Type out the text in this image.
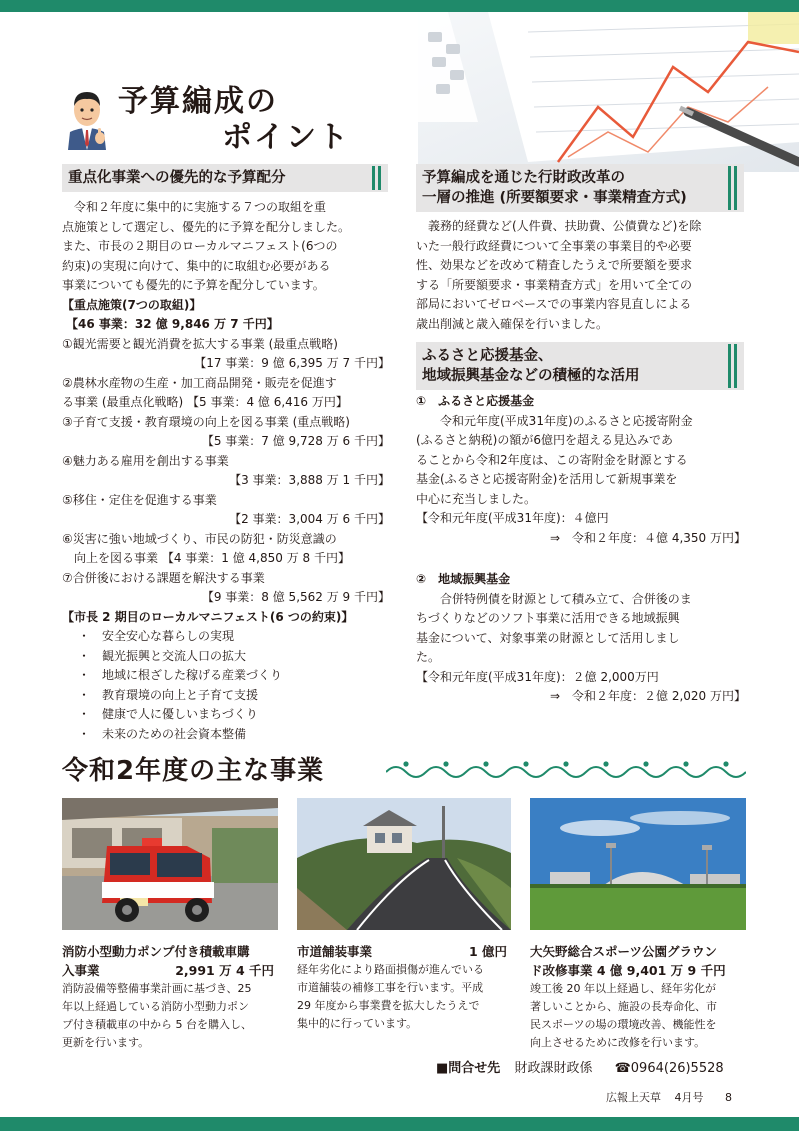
予算編成の
ポイント
重点化事業への優先的な予算配分

令和２年度に集中的に実施する７つの取組を重

点施策として選定し、優先的に予算を配分しました。

また、市長の２期目のローカルマニフェスト(6つの

約束)の実現に向けて、集中的に取組む必要がある

事業についても優先的に予算を配分しています。

【重点施策(7つの取組)】

【46 事業：32 億 9,846 万 7 千円】

①観光需要と観光消費を拡大する事業 (最重点戦略)

【17 事業：9 億 6,395 万 7 千円】

②農林水産物の生産・加工商品開発・販売を促進す

る事業 (最重点化戦略) 【5 事業：4 億 6,416 万円】

③子育て支援・教育環境の向上を図る事業 (重点戦略)

【5 事業：7 億 9,728 万 6 千円】

④魅力ある雇用を創出する事業

【3 事業：3,888 万 1 千円】

⑤移住・定住を促進する事業

【2 事業：3,004 万 6 千円】

⑥災害に強い地域づくり、市民の防犯・防災意識の

向上を図る事業 【4 事業：1 億 4,850 万 8 千円】

⑦合併後における課題を解決する事業

【9 事業：8 億 5,562 万 9 千円】

【市長 2 期目のローカルマニフェスト(6 つの約束)】

・ 安全安心な暮らしの実現
・ 観光振興と交流人口の拡大
・ 地域に根ざした稼げる産業づくり
・ 教育環境の向上と子育て支援
・ 健康で人に優しいまちづくり
・ 未来のための社会資本整備
予算編成を通じた行財政改革の
一層の推進 (所要額要求・事業精査方式)

義務的経費など(人件費、扶助費、公債費など)を除

いた一般行政経費について全事業の事業目的や必要

性、効果などを改めて精査したうえで所要額を要求

する「所要額要求・事業精査方式」を用いて全ての

部局においてゼロベースでの事業内容見直しによる

歳出削減と歳入確保を行いました。

ふるさと応援基金、
地域振興基金などの積極的な活用

①　ふるさと応援基金

令和元年度(平成31年度)のふるさと応援寄附金

(ふるさと納税)の額が6億円を超える見込みであ

ることから令和2年度は、この寄附金を財源とする

基金(ふるさと応援寄附金)を活用して新規事業を

中心に充当しました。

【令和元年度(平成31年度)：４億円

⇒　令和２年度：４億 4,350 万円】

②　地域振興基金

合併特例債を財源として積み立て、合併後のま

ちづくりなどのソフト事業に活用できる地域振興

基金について、対象事業の財源として活用しまし

た。

【令和元年度(平成31年度)：２億 2,000万円

⇒　令和２年度：２億 2,020 万円】

令和2年度の主な事業
消防小型動力ポンプ付き積載車購
入事業	2,991 万 4 千円
消防設備等整備事業計画に基づき、25
年以上経過している消防小型動力ポン
プ付き積載車の中から 5 台を購入し、
更新を行います。
市道舗装事業	1 億円
経年劣化により路面損傷が進んでいる
市道舗装の補修工事を行います。平成
29 年度から事業費を拡大したうえで
集中的に行っています。
大矢野総合スポーツ公園グラウン
ド改修事業 4 億 9,401 万 9 千円
竣工後 20 年以上経過し、経年劣化が
著しいことから、施設の長寿命化、市
民スポーツの場の環境改善、機能性を
向上させるために改修を行います。
■問合せ先 財政課財政係 ☎0964(26)5528
広報上天草 4月号 8
